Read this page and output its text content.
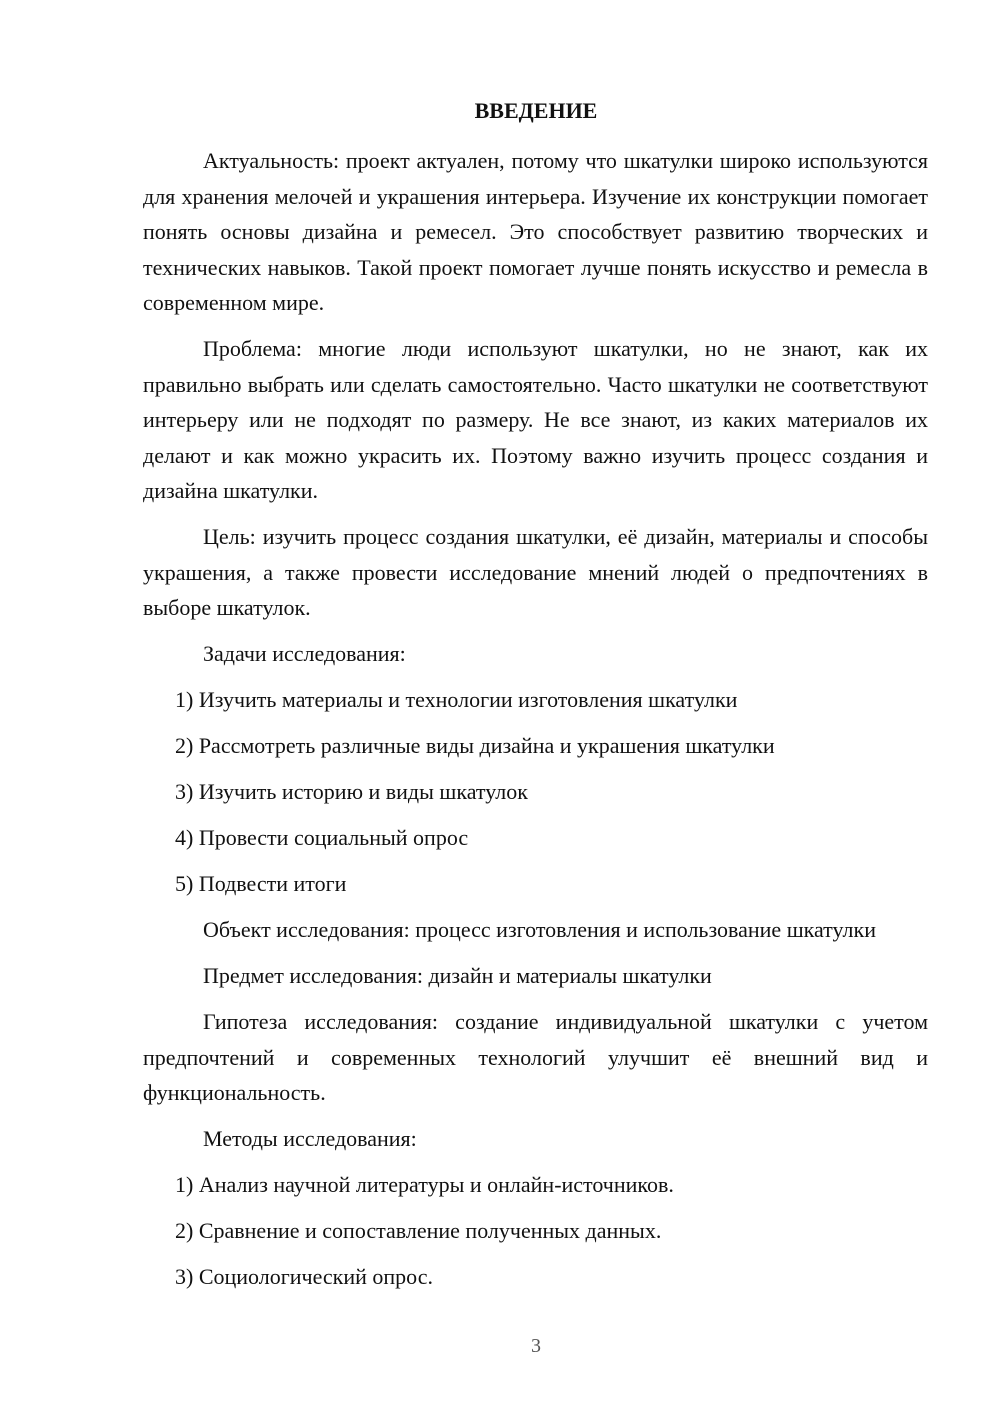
ВВЕДЕНИЕ

Актуальность: проект актуален, потому что шкатулки широко используются для хранения мелочей и украшения интерьера. Изучение их конструкции помогает понять основы дизайна и ремесел. Это способствует развитию творческих и технических навыков. Такой проект помогает лучше понять искусство и ремесла в современном мире.

Проблема: многие люди используют шкатулки, но не знают, как их правильно выбрать или сделать самостоятельно. Часто шкатулки не соответствуют интерьеру или не подходят по размеру. Не все знают, из каких материалов их делают и как можно украсить их. Поэтому важно изучить процесс создания и дизайна шкатулки.

Цель: изучить процесс создания шкатулки, её дизайн, материалы и способы украшения, а также провести исследование мнений людей о предпочтениях в выборе шкатулок.

Задачи исследования:

1) Изучить материалы и технологии изготовления шкатулки

2) Рассмотреть различные виды дизайна и украшения шкатулки

3) Изучить историю и виды шкатулок

4) Провести социальный опрос

5) Подвести итоги

Объект исследования: процесс изготовления и использование шкатулки

Предмет исследования: дизайн и материалы шкатулки

Гипотеза исследования: создание индивидуальной шкатулки с учетом предпочтений и современных технологий улучшит её внешний вид и функциональность.

Методы исследования:

1) Анализ научной литературы и онлайн-источников.

2) Сравнение и сопоставление полученных данных.

3) Социологический опрос.

3
